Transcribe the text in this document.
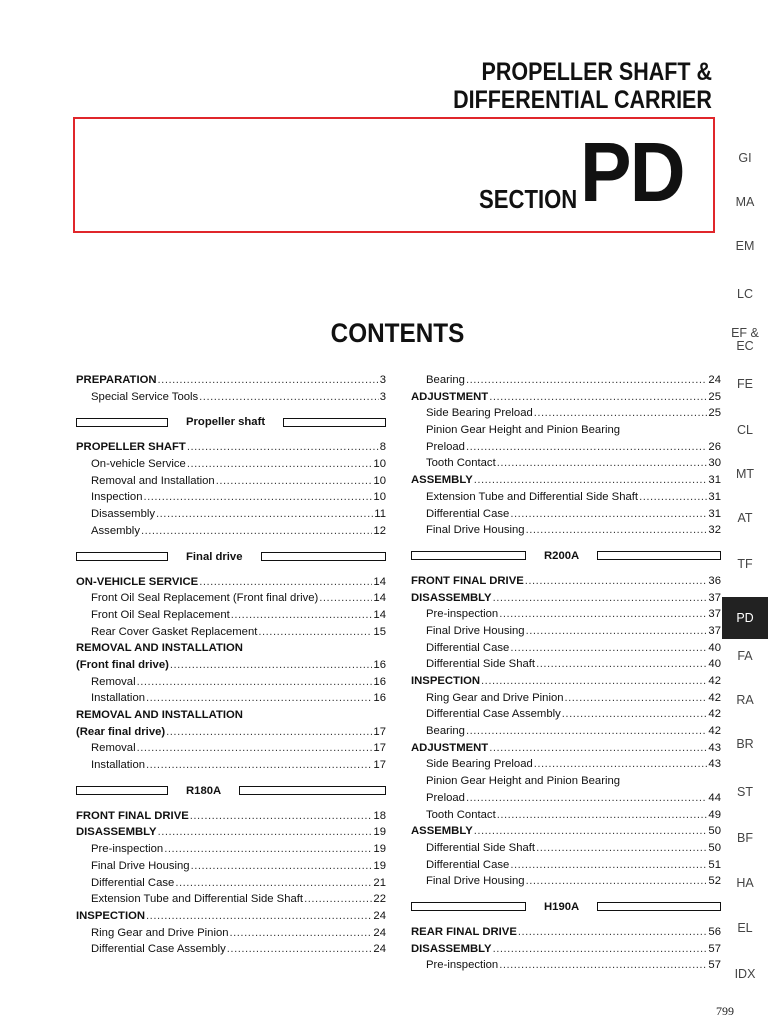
PROPELLER SHAFT &
DIFFERENTIAL CARRIER
SECTION PD
CONTENTS
PREPARATION .....	3
Special Service Tools .....	3
Propeller shaft
PROPELLER SHAFT .....	8
On-vehicle Service .....	10
Removal and Installation .....	10
Inspection .....	10
Disassembly .....	11
Assembly .....	12
Final drive
ON-VEHICLE SERVICE .....	14
Front Oil Seal Replacement (Front final drive) .....	14
Front Oil Seal Replacement .....	14
Rear Cover Gasket Replacement .....	15
REMOVAL AND INSTALLATION
(Front final drive) .....	16
Removal .....	16
Installation .....	16
REMOVAL AND INSTALLATION
(Rear final drive) .....	17
Removal .....	17
Installation .....	17
R180A
FRONT FINAL DRIVE .....	18
DISASSEMBLY .....	19
Pre-inspection .....	19
Final Drive Housing .....	19
Differential Case .....	21
Extension Tube and Differential Side Shaft .....	22
INSPECTION .....	24
Ring Gear and Drive Pinion .....	24
Differential Case Assembly .....	24
Bearing .....	24
ADJUSTMENT .....	25
Side Bearing Preload .....	25
Pinion Gear Height and Pinion Bearing
Preload .....	26
Tooth Contact .....	30
ASSEMBLY .....	31
Extension Tube and Differential Side Shaft .....	31
Differential Case .....	31
Final Drive Housing .....	32
R200A
FRONT FINAL DRIVE .....	36
DISASSEMBLY .....	37
Pre-inspection .....	37
Final Drive Housing .....	37
Differential Case .....	40
Differential Side Shaft .....	40
INSPECTION .....	42
Ring Gear and Drive Pinion .....	42
Differential Case Assembly .....	42
Bearing .....	42
ADJUSTMENT .....	43
Side Bearing Preload .....	43
Pinion Gear Height and Pinion Bearing
Preload .....	44
Tooth Contact .....	49
ASSEMBLY .....	50
Differential Side Shaft .....	50
Differential Case .....	51
Final Drive Housing .....	52
H190A
REAR FINAL DRIVE .....	56
DISASSEMBLY .....	57
Pre-inspection .....	57
GI
MA
EM
LC
EF &
EC
FE
CL
MT
AT
TF
PD
FA
RA
BR
ST
BF
HA
EL
IDX
799
